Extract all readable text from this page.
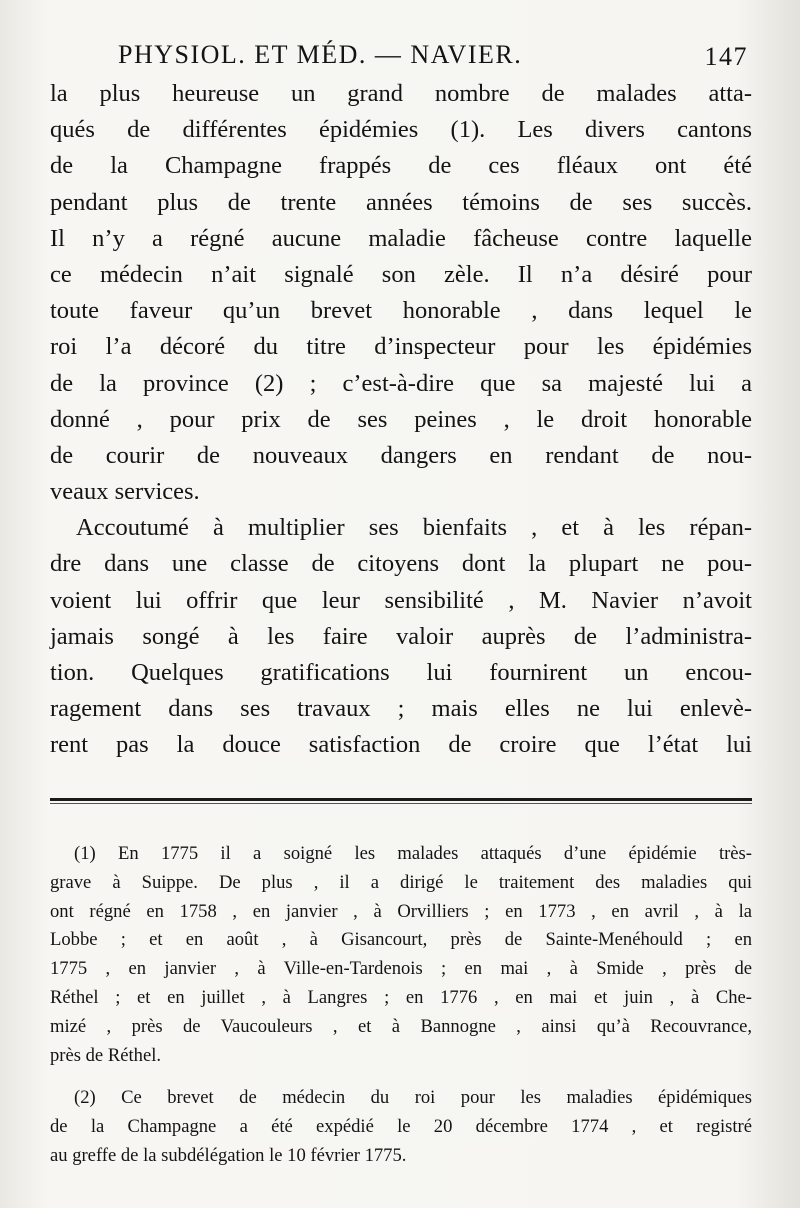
PHYSIOL. ET MÉD. — NAVIER.	147
la plus heureuse un grand nombre de malades atta-
qués de différentes épidémies (1). Les divers cantons
de la Champagne frappés de ces fléaux ont été
pendant plus de trente années témoins de ses succès.
Il n’y a régné aucune maladie fâcheuse contre laquelle
ce médecin n’ait signalé son zèle. Il n’a désiré pour
toute faveur qu’un brevet honorable , dans lequel le
roi l’a décoré du titre d’inspecteur pour les épidémies
de la province (2) ; c’est-à-dire que sa majesté lui a
donné , pour prix de ses peines , le droit honorable
de courir de nouveaux dangers en rendant de nou-
veaux services.
Accoutumé à multiplier ses bienfaits , et à les répan-
dre dans une classe de citoyens dont la plupart ne pou-
voient lui offrir que leur sensibilité , M. Navier n’avoit
jamais songé à les faire valoir auprès de l’administra-
tion. Quelques gratifications lui fournirent un encou-
ragement dans ses travaux ; mais elles ne lui enlevè-
rent pas la douce satisfaction de croire que l’état lui
(1) En 1775 il a soigné les malades attaqués d’une épidémie très-
grave à Suippe. De plus , il a dirigé le traitement des maladies qui
ont régné en 1758 , en janvier , à Orvilliers ; en 1773 , en avril , à la
Lobbe ; et en août , à Gisancourt, près de Sainte-Menéhould ; en
1775 , en janvier , à Ville-en-Tardenois ; en mai , à Smide , près de
Réthel ; et en juillet , à Langres ; en 1776 , en mai et juin , à Che-
mizé , près de Vaucouleurs , et à Bannogne , ainsi qu’à Recouvrance,
près de Réthel.
(2) Ce brevet de médecin du roi pour les maladies épidémiques
de la Champagne a été expédié le 20 décembre 1774 , et registré
au greffe de la subdélégation le 10 février 1775.
